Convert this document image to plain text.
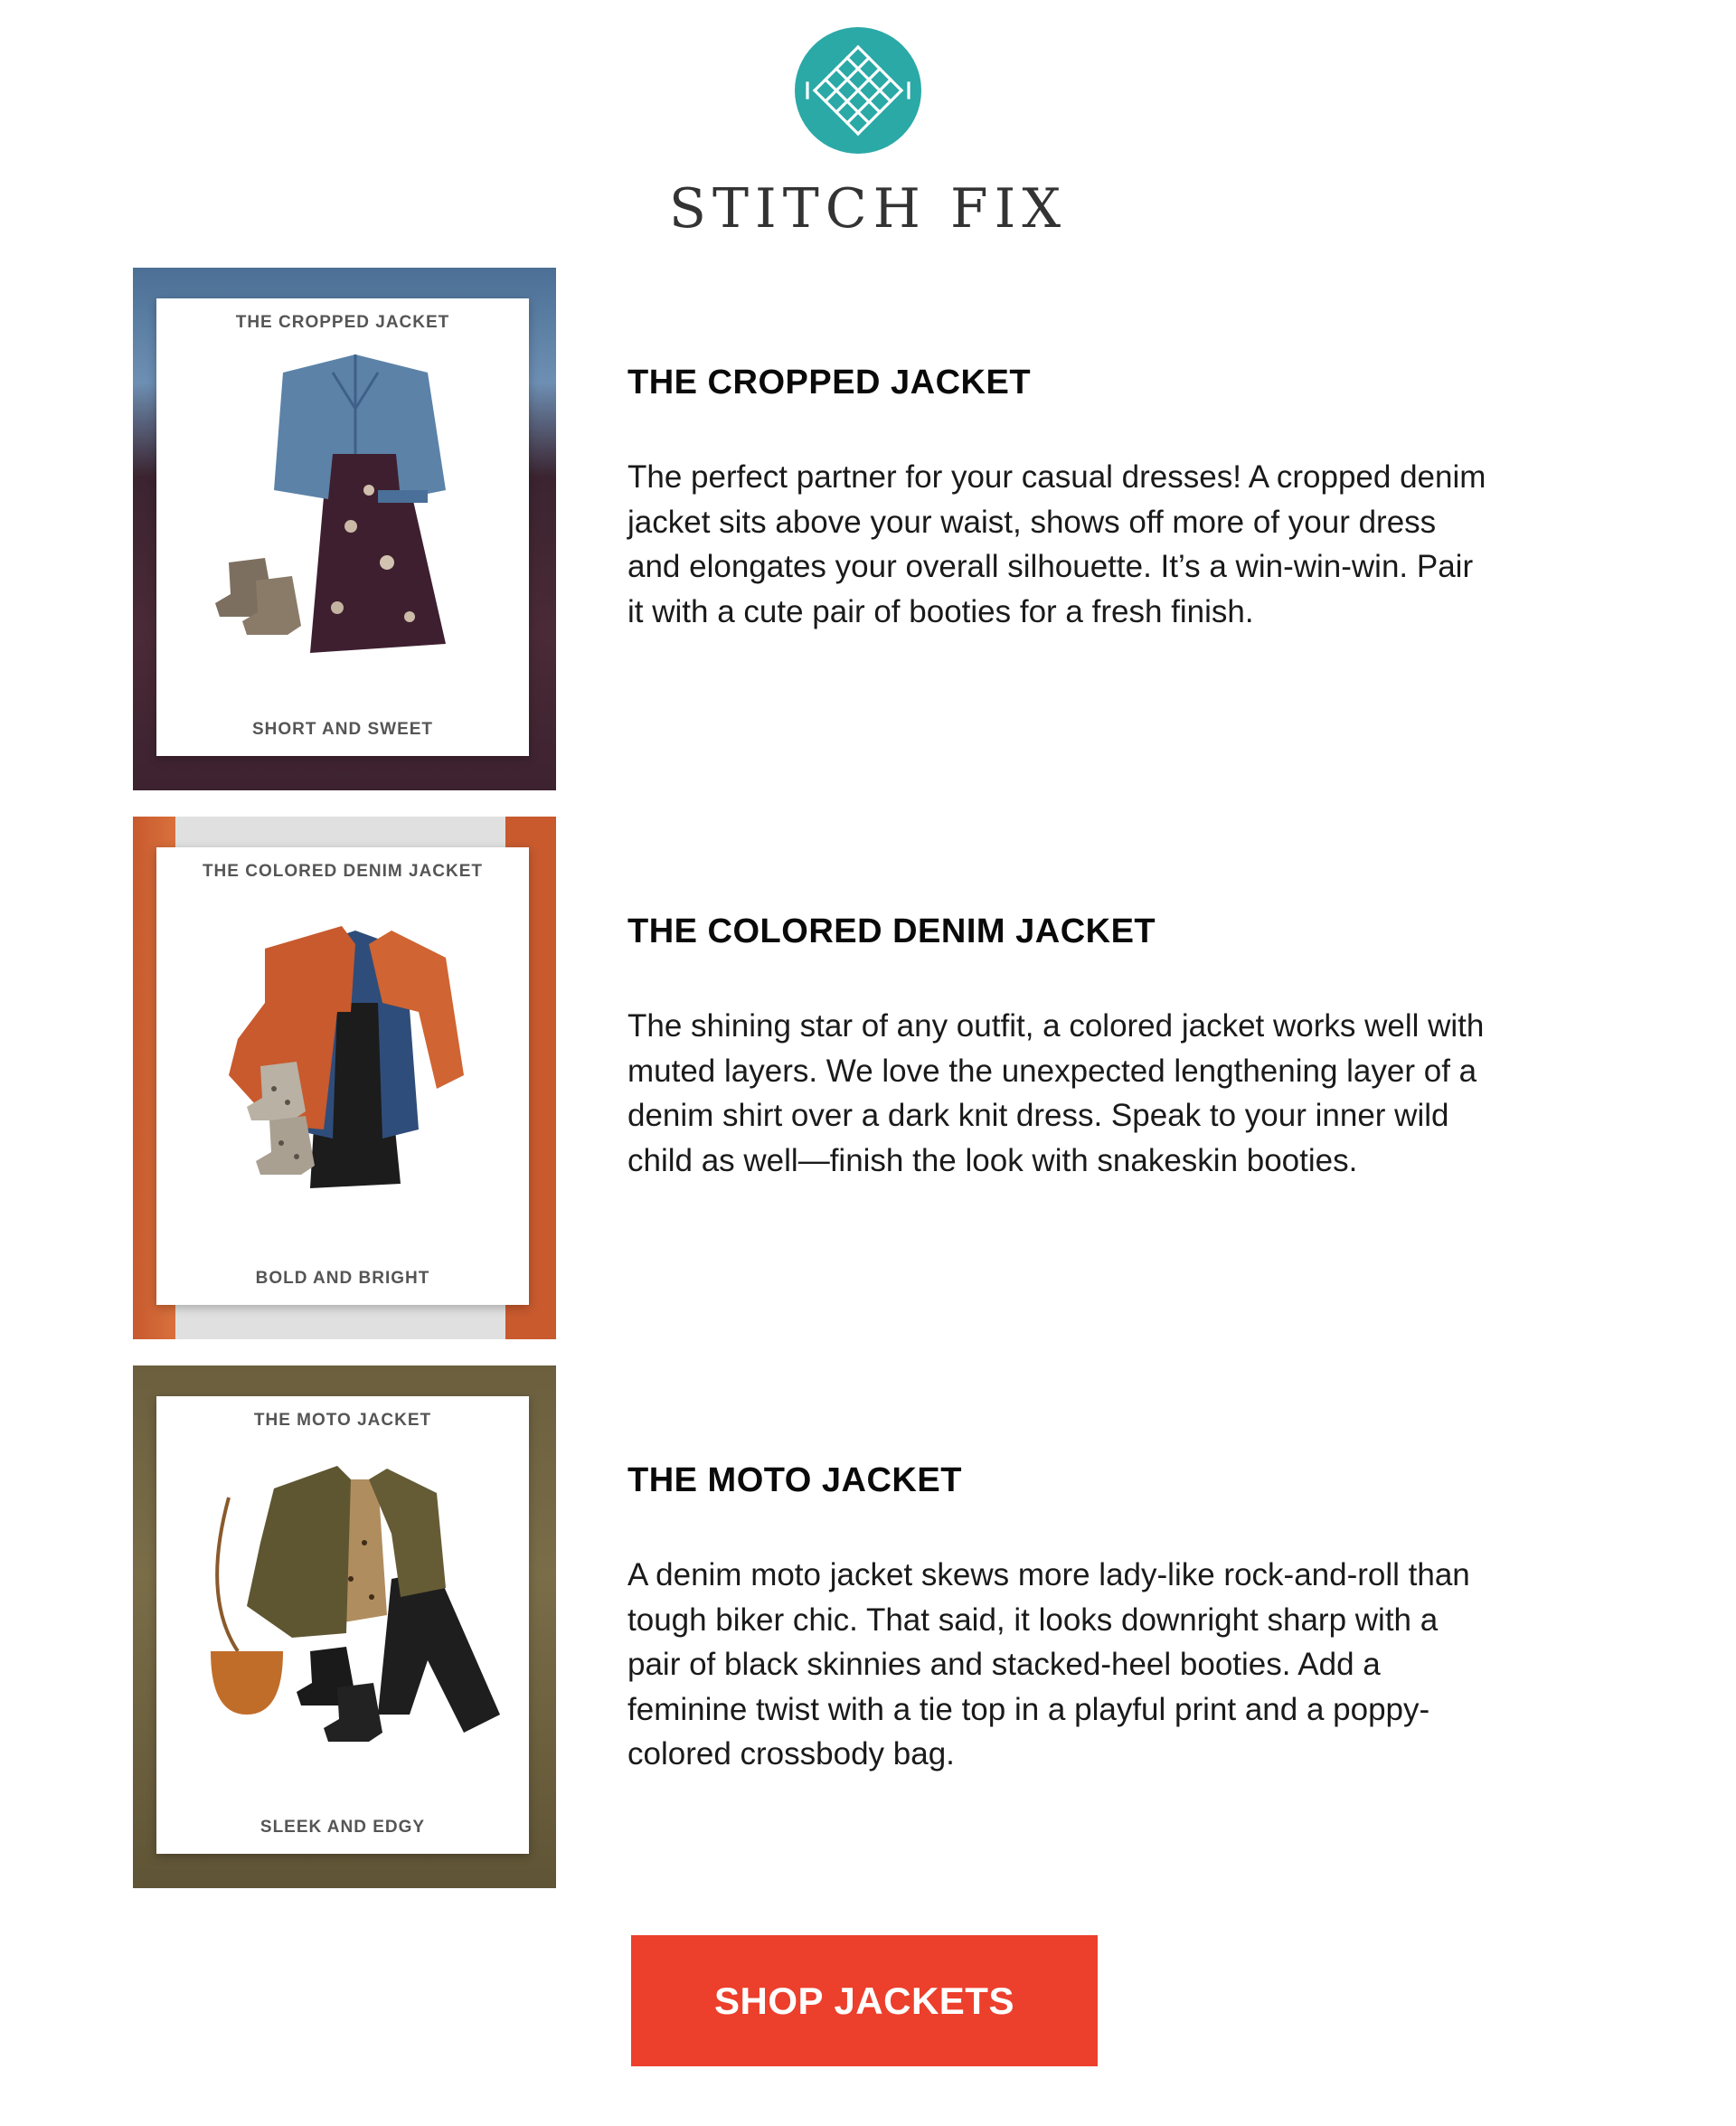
STITCH FIX
THE CROPPED JACKET
SHORT AND SWEET
THE CROPPED JACKET
The perfect partner for your casual dresses! A cropped denim jacket sits above your waist, shows off more of your dress and elongates your overall silhouette. It’s a win-win-win. Pair it with a cute pair of booties for a fresh finish.
THE COLORED DENIM JACKET
BOLD AND BRIGHT
THE COLORED DENIM JACKET
The shining star of any outfit, a colored jacket works well with muted layers. We love the unexpected lengthening layer of a denim shirt over a dark knit dress. Speak to your inner wild child as well—finish the look with snakeskin booties.
THE MOTO JACKET
SLEEK AND EDGY
THE MOTO JACKET
A denim moto jacket skews more lady-like rock-and-roll than tough biker chic. That said, it looks downright sharp with a pair of black skinnies and stacked-heel booties. Add a feminine twist with a tie top in a playful print and a poppy-colored crossbody bag.
SHOP JACKETS
